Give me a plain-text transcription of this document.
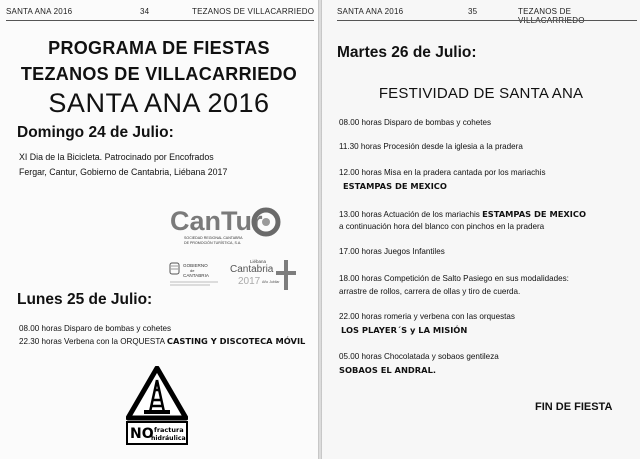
SANTA ANA 2016	34	TEZANOS DE VILLACARRIEDO
PROGRAMA DE FIESTAS
TEZANOS DE VILLACARRIEDO
SANTA ANA 2016
Domingo 24 de Julio:
XI Dia de la Bicicleta. Patrocinado por Encofrados
Fergar, Cantur, Gobierno de Cantabria, Liébana 2017
CanTur
SOCIEDAD REGIONAL CANTABRA
DE PROMOCIÓN TURÍSTICA, S.A.
GOBIERNO
de
CANTABRIA
Liébana
Cantabria
2017 Año Jubilar
Lunes 25 de Julio:
08.00 horas Disparo de bombas y cohetes
22.30 horas Verbena con la ORQUESTA CASTING Y DISCOTECA MÓVIL
NO fractura
hidráulica
SANTA ANA 2016	35	TEZANOS DE
Martes 26 de Julio:
FESTIVIDAD DE SANTA ANA
08.00 horas Disparo de bombas y cohetes
11.30 horas Procesión desde la iglesia a la pradera
12.00 horas Misa en la pradera cantada por los mariachis
ESTAMPAS DE MEXICO
13.00 horas Actuación de los mariachis ESTAMPAS DE MEXICO
a continuación hora del blanco con pinchos en la pradera
17.00 horas Juegos Infantiles
18.00 horas Competición de Salto Pasiego en sus modalidades:
arrastre de rollos, carrera de ollas y tiro de cuerda.
22.00 horas romeria y verbena con las orquestas
LOS PLAYER´S y LA MISIÓN
05.00 horas Chocolatada y sobaos gentileza
SOBAOS EL ANDRAL.
FIN DE FIESTA
